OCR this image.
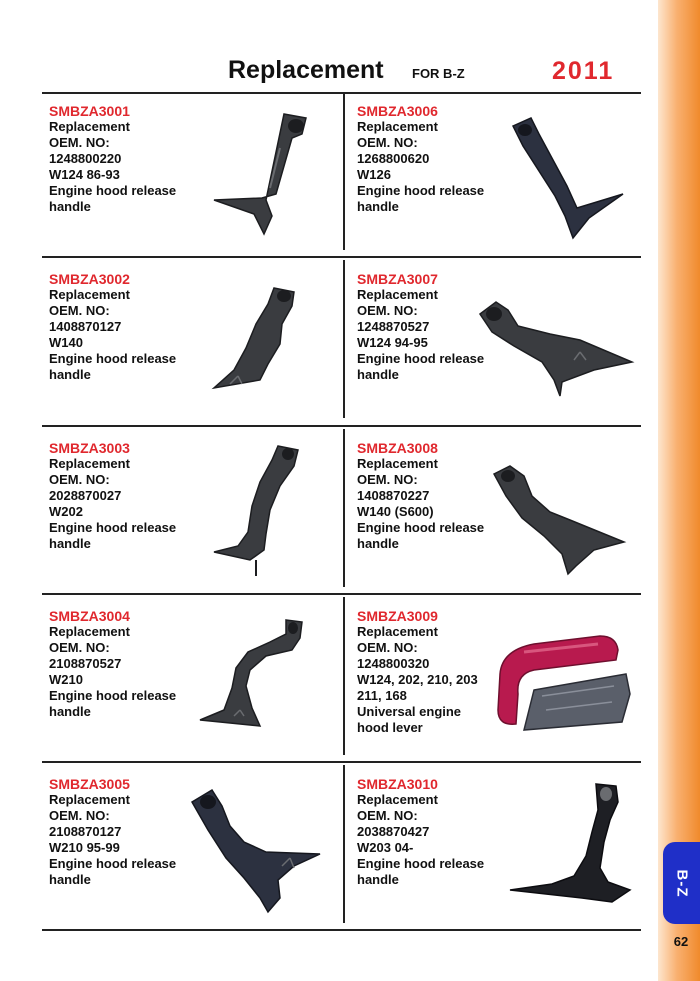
B-Z
62
Replacement FOR B-Z	2011
SMBZA3001
Replacement
OEM. NO:
1248800220
W124 86-93
Engine hood release
handle
SMBZA3006
Replacement
OEM. NO:
1268800620
W126
Engine hood release
handle
SMBZA3002
Replacement
OEM. NO:
1408870127
W140
Engine hood release
handle
SMBZA3007
Replacement
OEM. NO:
1248870527
W124 94-95
Engine hood release
handle
SMBZA3003
Replacement
OEM. NO:
2028870027
W202
Engine hood release
handle
SMBZA3008
Replacement
OEM. NO:
1408870227
W140 (S600)
Engine hood release
handle
SMBZA3004
Replacement
OEM. NO:
2108870527
W210
Engine hood release
handle
SMBZA3009
Replacement
OEM. NO:
1248800320
W124, 202, 210, 203
211, 168
Universal engine
hood lever
SMBZA3005
Replacement
OEM. NO:
2108870127
W210 95-99
Engine hood release
handle
SMBZA3010
Replacement
OEM. NO:
2038870427
W203 04-
Engine hood release
handle
